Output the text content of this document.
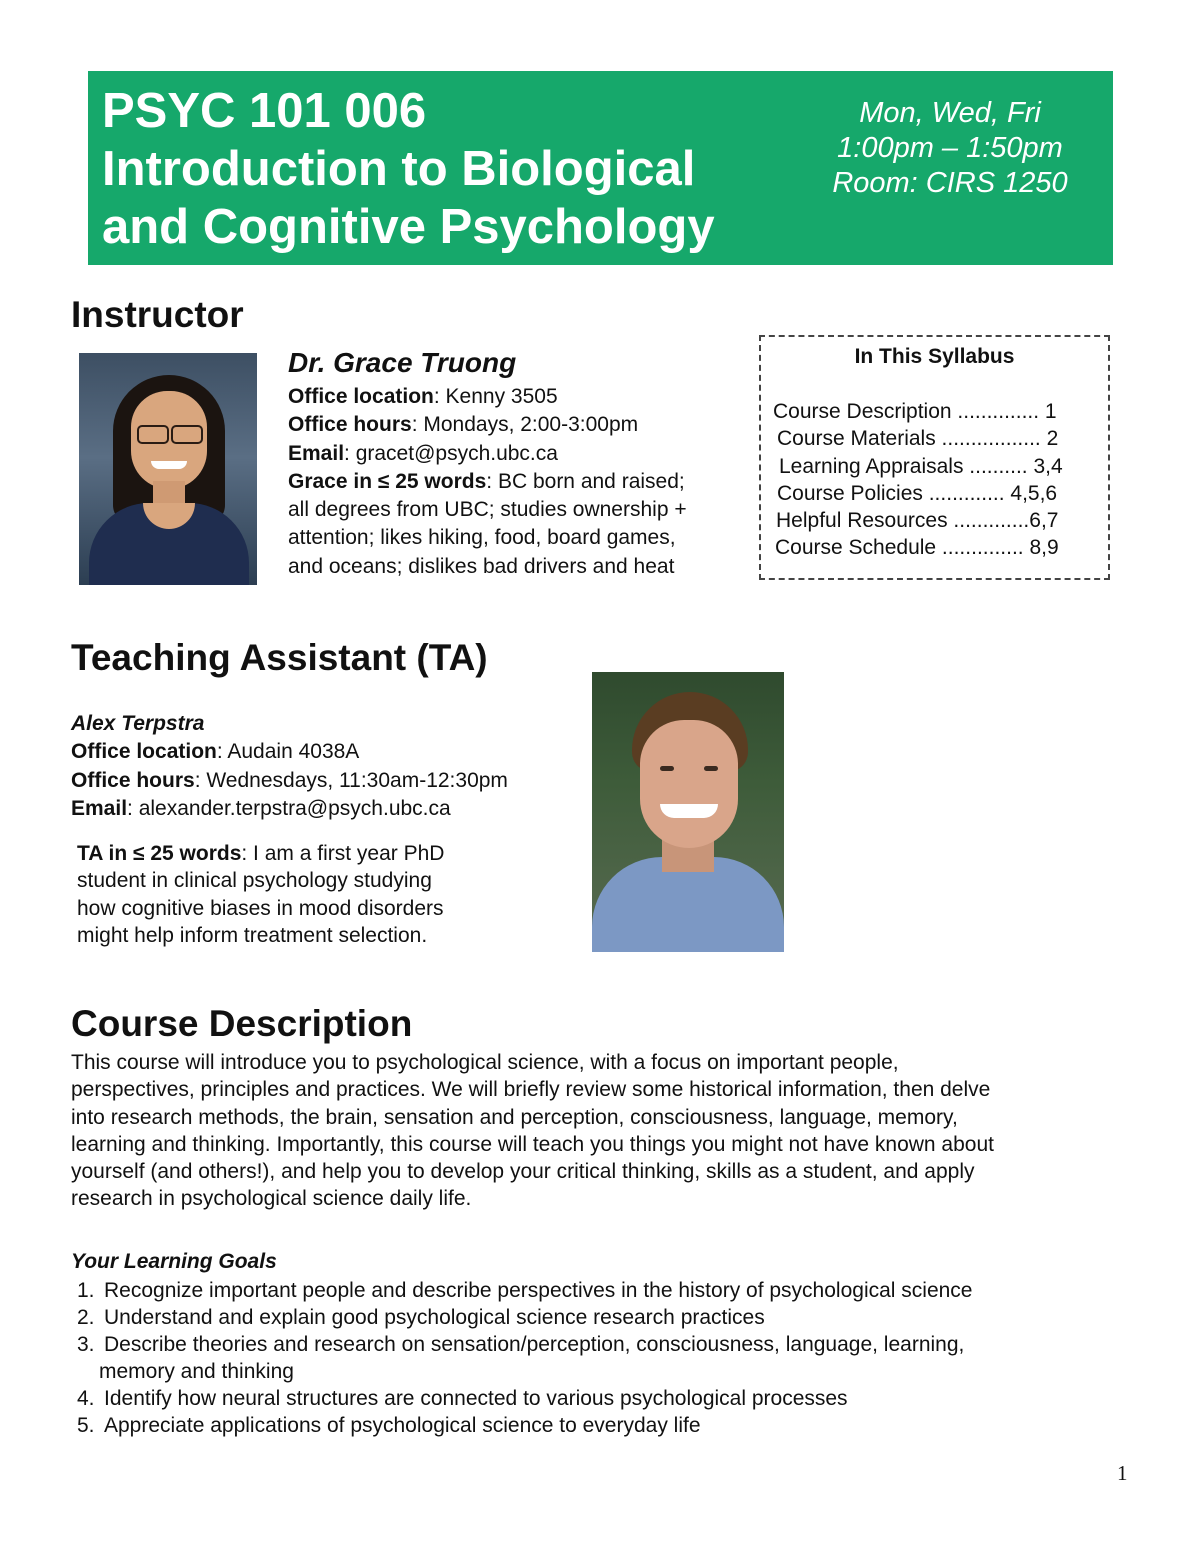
PSYC 101 006
Introduction to Biological
and Cognitive Psychology
Mon, Wed, Fri
1:00pm – 1:50pm
Room: CIRS 1250
Instructor
Dr. Grace Truong
Office location: Kenny 3505
Office hours: Mondays, 2:00-3:00pm
Email: gracet@psych.ubc.ca
Grace in ≤ 25 words: BC born and raised;
all degrees from UBC; studies ownership +
attention; likes hiking, food, board games,
and oceans; dislikes bad drivers and heat
In This Syllabus
Course Description .............. 1
Course Materials ................. 2
Learning Appraisals .......... 3,4
Course Policies ............. 4,5,6
Helpful Resources .............6,7
Course Schedule .............. 8,9
Teaching Assistant (TA)
Alex Terpstra
Office location: Audain 4038A
Office hours: Wednesdays, 11:30am-12:30pm
Email: alexander.terpstra@psych.ubc.ca
TA in ≤ 25 words: I am a first year PhD
student in clinical psychology studying
how cognitive biases in mood disorders
might help inform treatment selection.
Course Description
This course will introduce you to psychological science, with a focus on important people,
perspectives, principles and practices. We will briefly review some historical information, then delve
into research methods, the brain, sensation and perception, consciousness, language, memory,
learning and thinking. Importantly, this course will teach you things you might not have known about
yourself (and others!), and help you to develop your critical thinking, skills as a student, and apply
research in psychological science daily life.
Your Learning Goals
1. Recognize important people and describe perspectives in the history of psychological science
2. Understand and explain good psychological science research practices
3. Describe theories and research on sensation/perception, consciousness, language, learning,
memory and thinking
4. Identify how neural structures are connected to various psychological processes
5. Appreciate applications of psychological science to everyday life
1
